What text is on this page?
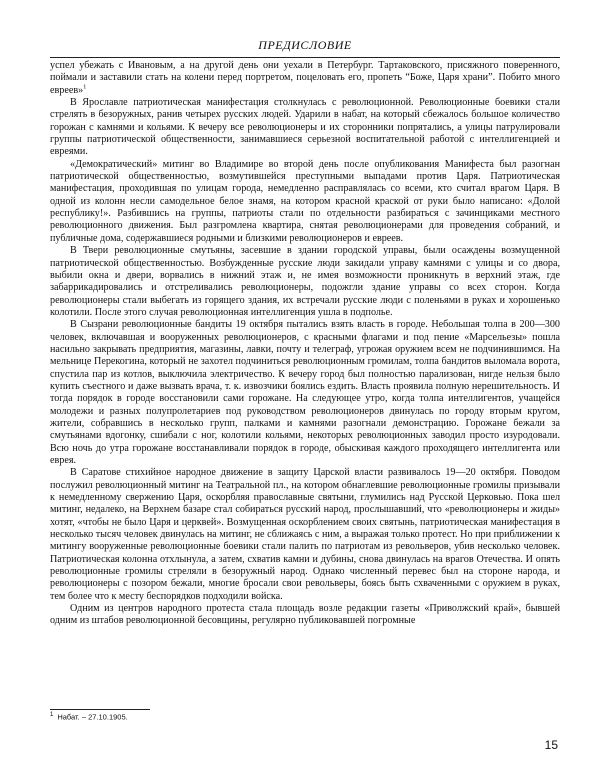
ПРЕДИСЛОВИЕ

успел убежать с Ивановым, а на другой день они уехали в Петербург. Тартаковского, присяжного поверенного, поймали и заставили стать на колени перед портретом, поцеловать его, пропеть “Боже, Царя храни”. Побито много евреев»$^1$

В Ярославле патриотическая манифестация столкнулась с революционной. Революционные боевики стали стрелять в безоружных, ранив четырех русских людей. Ударили в набат, на который сбежалось большое количество горожан с камнями и кольями. К вечеру все революционеры и их сторонники попрятались, а улицы патрулировали группы патриотической общественности, занимавшиеся серьезной воспитательной работой с интеллигенцией и евреями.

«Демократический» митинг во Владимире во второй день после опубликования Манифеста был разогнан патриотической общественностью, возмутившейся преступными выпадами против Царя. Патриотическая манифестация, проходившая по улицам города, немедленно расправлялась со всеми, кто считал врагом Царя. В одной из колонн несли самодельное белое знамя, на котором красной краской от руки было написано: «Долой республику!». Разбившись на группы, патриоты стали по отдельности разбираться с зачинщиками местного революционного движения. Был разгромлена квартира, снятая революционерами для проведения собраний, и публичные дома, содержавшиеся родными и близкими революционеров и евреев.

В Твери революционные смутьяны, засевшие в здании городской управы, были осаждены возмущенной патриотической общественностью. Возбужденные русские люди закидали управу камнями с улицы и со двора, выбили окна и двери, ворвались в нижний этаж и, не имея возможности проникнуть в верхний этаж, где забаррикадировались и отстреливались революционеры, подожгли здание управы со всех сторон. Когда революционеры стали выбегать из горящего здания, их встречали русские люди с поленьями в руках и хорошенько колотили. После этого случая революционная интеллигенция ушла в подполье.

В Сызрани революционные бандиты 19 октября пытались взять власть в городе. Небольшая толпа в 200—300 человек, включавшая и вооруженных революционеров, с красными флагами и под пение «Марсельезы» пошла насильно закрывать предприятия, магазины, лавки, почту и телеграф, угрожая оружием всем не подчинившимся. На мельнице Перекогина, который не захотел подчиниться революционным громилам, толпа бандитов выломала ворота, спустила пар из котлов, выключила электричество. К вечеру город был полностью парализован, нигде нельзя было купить съестного и даже вызвать врача, т. к. извозчики боялись ездить. Власть проявила полную нерешительность. И тогда порядок в городе восстановили сами горожане. На следующее утро, когда толпа интеллигентов, учащейся молодежи и разных полупролетариев под руководством революционеров двинулась по городу вторым кругом, жители, собравшись в несколько групп, палками и камнями разогнали демонстрацию. Горожане бежали за смутьянами вдогонку, сшибали с ног, колотили кольями, некоторых революционных заводил просто изуродовали. Всю ночь до утра горожане восстанавливали порядок в городе, обыскивая каждого проходящего интеллигента или еврея.

В Саратове стихийное народное движение в защиту Царской власти развивалось 19—20 октября. Поводом послужил революционный митинг на Театральной пл., на котором обнаглевшие революционные громилы призывали к немедленному свержению Царя, оскорбляя православные святыни, глумились над Русской Церковью. Пока шел митинг, недалеко, на Верхнем базаре стал собираться русский народ, прослышавший, что «революционеры и жиды» хотят, «чтобы не было Царя и церквей». Возмущенная оскорблением своих святынь, патриотическая манифестация в несколько тысяч человек двинулась на митинг, не сближаясь с ним, а выражая только протест. Но при приближении к митингу вооруженные революционные боевики стали палить по патриотам из револьверов, убив несколько человек. Патриотическая колонна отхлынула, а затем, схватив камни и дубины, снова двинулась на врагов Отечества. И опять революционные громилы стреляли в безоружный народ. Однако численный перевес был на стороне народа, и революционеры с позором бежали, многие бросали свои револьверы, боясь быть схваченными с оружием в руках, тем более что к месту беспорядков подходили войска.

Одним из центров народного протеста стала площадь возле редакции газеты «Приволжский край», бывшей одним из штабов революционной бесовщины, регулярно публиковавшей погромные

$^1$ Набат. – 27.10.1905.
15
